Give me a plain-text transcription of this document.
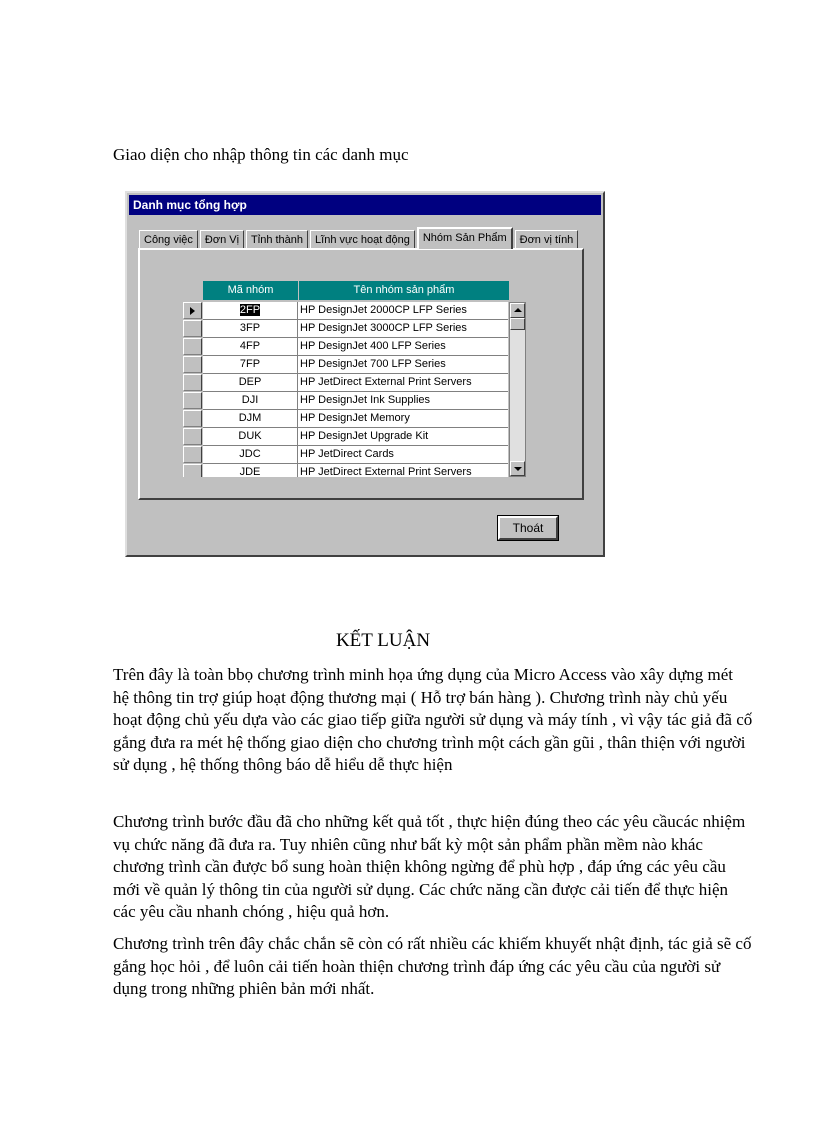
Giao diện cho nhập thông tin các danh mục

Danh mục tổng hợp
Công việc	Đơn Vị	Tỉnh thành	Lĩnh vực hoạt động	Nhóm Sản Phẩm	Đơn vị tính
Mã nhóm	Tên nhóm sản phẩm
2FP	HP DesignJet 2000CP LFP Series
3FP	HP DesignJet 3000CP LFP Series
4FP	HP DesignJet 400 LFP Series
7FP	HP DesignJet 700 LFP Series
DEP	HP JetDirect External Print Servers
DJI	HP DesignJet Ink Supplies
DJM	HP DesignJet Memory
DUK	HP DesignJet Upgrade Kit
JDC	HP JetDirect Cards
JDE	HP JetDirect External Print Servers
Thoát
KẾT LUẬN

Trên đây là toàn bbọ chương trình minh họa ứng dụng của Micro Access vào xây dựng mét hệ thông tin trợ giúp hoạt động thương mại ( Hỗ trợ bán hàng ). Chương trình này chủ yếu hoạt động chủ yếu dựa vào các giao tiếp giữa người sử dụng và máy tính , vì vậy tác giả đã cố gắng đưa ra mét hệ thống giao diện cho chương trình một cách gần gũi , thân thiện với người sử dụng , hệ thống thông báo dễ hiểu dễ thực hiện

Chương trình bước đầu đã cho những kết quả tốt , thực hiện đúng theo các yêu cầucác nhiệm vụ chức năng đã đưa ra. Tuy nhiên cũng như bất kỳ một sản phẩm phần mềm nào khác chương trình cần được bổ sung hoàn thiện không ngừng để phù hợp , đáp ứng các yêu cầu mới về quản lý thông tin của người sử dụng. Các chức năng cần được cải tiến để thực hiện các yêu cầu nhanh chóng , hiệu quả hơn.

Chương trình trên đây chắc chắn sẽ còn có rất nhiều các khiếm khuyết nhật định, tác giả sẽ cố gắng học hỏi , để luôn cải tiến hoàn thiện chương trình đáp ứng các yêu cầu của người sử dụng trong những phiên bản mới nhất.
